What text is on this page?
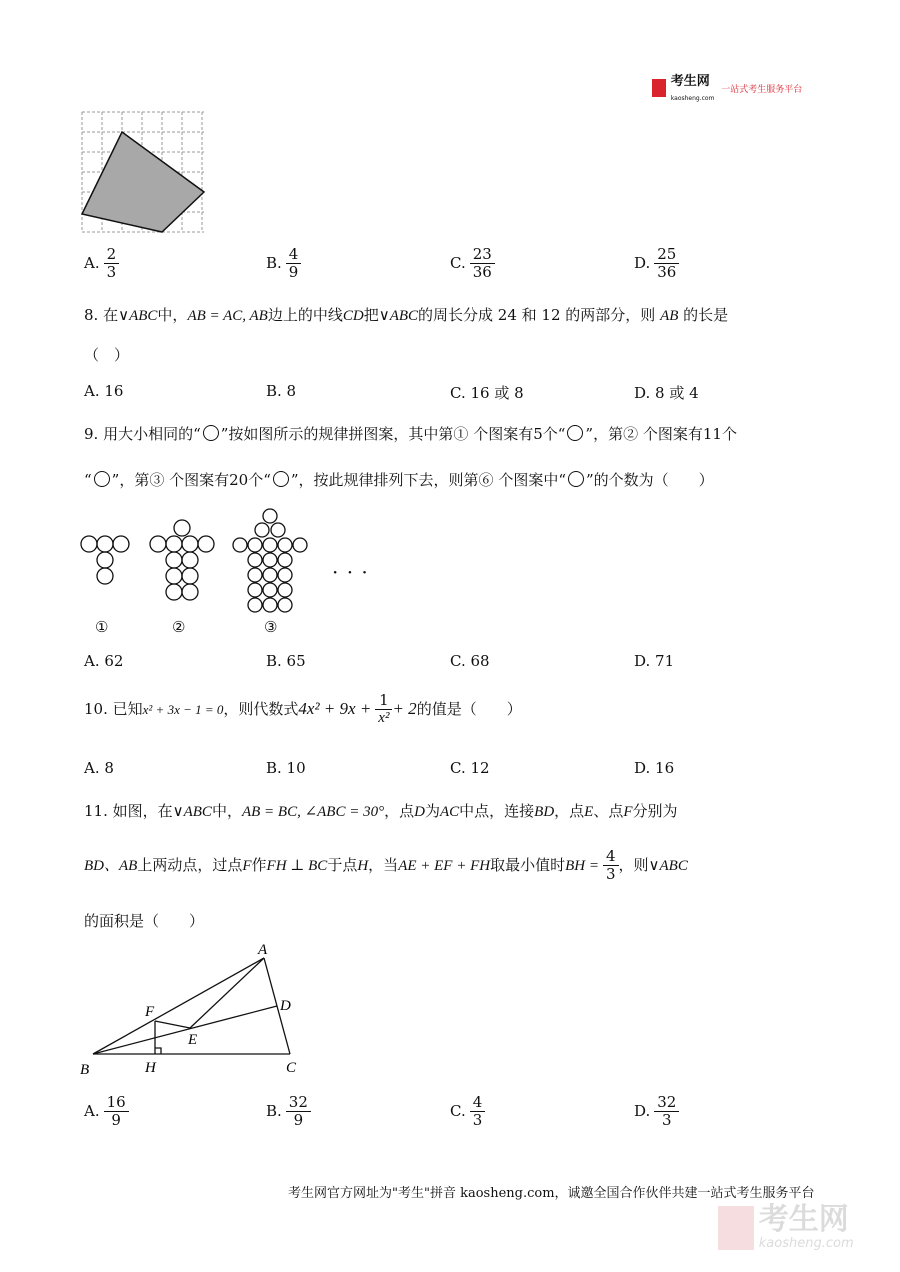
考生网
kaosheng.com 一站式考生服务平台
A. $\frac{2}{3}$	B. $\frac{4}{9}$	C. $\frac{23}{36}$	D. $\frac{25}{36}$
8. 在∨ABC中，AB = AC, AB边上的中线CD把∨ABC的周长分成 24 和 12 的两部分，则 AB 的长是
（　）
A. 16	B. 8	C. 16 或 8	D. 8 或 4
9. 用大小相同的“ ”按如图所示的规律拼图案，其中第① 个图案有5个“ ”，第② 个图案有11个
“ ”，第③ 个图案有20个“ ”，按此规律排列下去，则第⑥ 个图案中“ ”的个数为（　　）
· · ·
①	②	③
A. 62	B. 65	C. 68	D. 71
10. 已知x² + 3x − 1 = 0，则代数式$4x^2 + 9x + \frac{1}{\text{x²}} + 2$的值是（　　）
A. 8	B. 10	C. 12	D. 16
11. 如图，在∨ABC中，AB = BC, ∠ABC = 30°，点D为AC中点，连接BD，点E、点F分别为
BD、AB上两动点，过点F作FH ⊥ BC于点H，当AE + EF + FH取最小值时BH = $\frac{4}{3}$ ，则∨ABC
的面积是（　　）
A
B	C
D
E
F
H
A. $\frac{16}{9}$	B. $\frac{32}{9}$	C. $\frac{4}{3}$	D. $\frac{32}{3}$
考生网官方网址为"考生"拼音 kaosheng.com，诚邀全国合作伙伴共建一站式考生服务平台
考生网
kaosheng.com
